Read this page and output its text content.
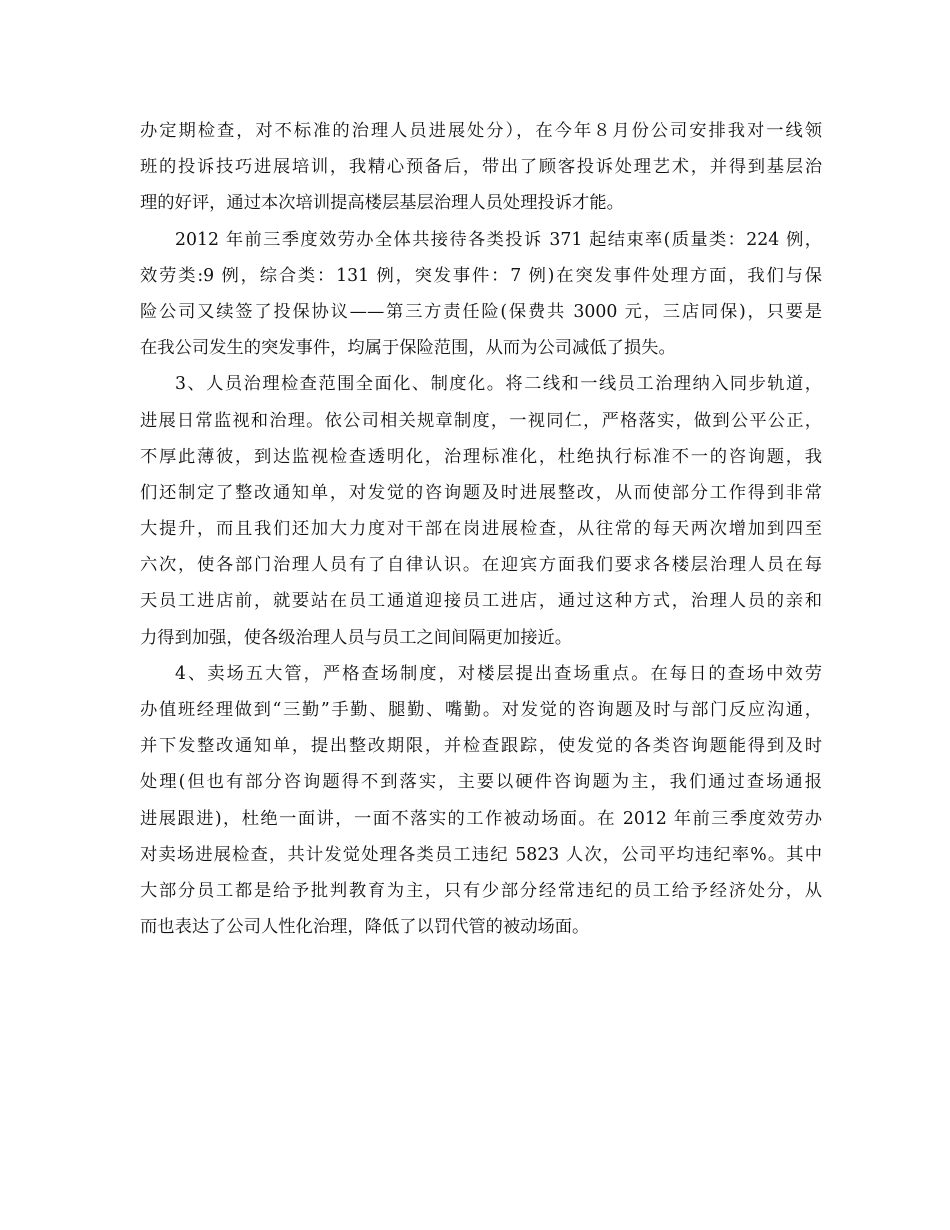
办定期检查，对不标准的治理人员进展处分），在今年８月份公司安排我对一线领
班的投诉技巧进展培训，我精心预备后，带出了顾客投诉处理艺术，并得到基层治
理的好评，通过本次培训提高楼层基层治理人员处理投诉才能。
2012 年前三季度效劳办全体共接待各类投诉 371 起结束率(质量类：224 例，
效劳类:9 例，综合类：131 例，突发事件：7 例)在突发事件处理方面，我们与保
险公司又续签了投保协议——第三方责任险(保费共 3000 元，三店同保)，只要是
在我公司发生的突发事件，均属于保险范围，从而为公司减低了损失。
3、人员治理检查范围全面化、制度化。将二线和一线员工治理纳入同步轨道，
进展日常监视和治理。依公司相关规章制度，一视同仁，严格落实，做到公平公正，
不厚此薄彼，到达监视检查透明化，治理标准化，杜绝执行标准不一的咨询题，我
们还制定了整改通知单，对发觉的咨询题及时进展整改，从而使部分工作得到非常
大提升，而且我们还加大力度对干部在岗进展检查，从往常的每天两次增加到四至
六次，使各部门治理人员有了自律认识。在迎宾方面我们要求各楼层治理人员在每
天员工进店前，就要站在员工通道迎接员工进店，通过这种方式，治理人员的亲和
力得到加强，使各级治理人员与员工之间间隔更加接近。
4、卖场五大管，严格查场制度，对楼层提出查场重点。在每日的查场中效劳
办值班经理做到“三勤”手勤、腿勤、嘴勤。对发觉的咨询题及时与部门反应沟通，
并下发整改通知单，提出整改期限，并检查跟踪，使发觉的各类咨询题能得到及时
处理(但也有部分咨询题得不到落实，主要以硬件咨询题为主，我们通过查场通报
进展跟进)，杜绝一面讲，一面不落实的工作被动场面。在 2012 年前三季度效劳办
对卖场进展检查，共计发觉处理各类员工违纪 5823 人次，公司平均违纪率%。其中
大部分员工都是给予批判教育为主，只有少部分经常违纪的员工给予经济处分，从
而也表达了公司人性化治理，降低了以罚代管的被动场面。
